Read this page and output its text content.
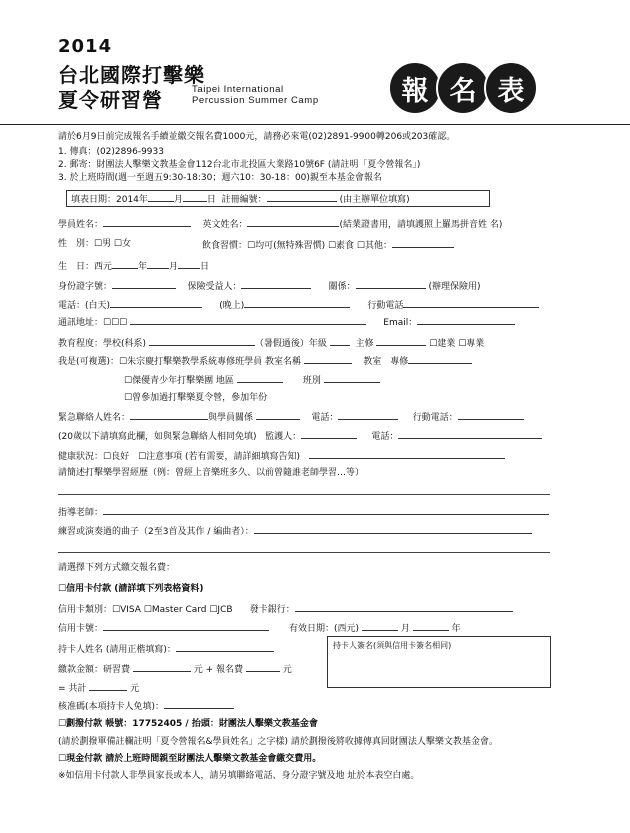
2014
台北國際打擊樂
夏令研習營	Taipei International
Percussion Summer Camp	報 名 表
請於6月9日前完成報名手續並繳交報名費1000元，請務必來電(02)2891-9900轉206或203確認。
1. 傳真：(02)2896-9933
2. 郵寄：財團法人擊樂文教基金會112台北市北投區大業路10號6F (請註明「夏令營報名」)
3. 於上班時間(週一至週五9:30-18:30；週六10：30-18：00)親至本基金會報名
填表日期：2014年	月	日 註冊編號：	(由主辦單位填寫)
學員姓名：	英文姓名：	(結業證書用，請填護照上羅馬拼音姓 名)
性　別：☐男 ☐女	飲食習慣：☐均可(無特殊習慣) ☐素食 ☐其他：
生　日：西元	年 月 日
身份證字號：	保險受益人：	關係：	(辦理保險用)
電話：(白天)	(晚上)	行動電話
通訊地址：☐☐☐	Email：
教育程度：學校(科系)	（暑假過後）年級	主修	☐建業 ☐專業
我是(可複選)：☐朱宗慶打擊樂教學系統專修班學員 教室名稱	教室　專修
☐傑優青少年打擊樂團 地區	班別
☐曾參加過打擊樂夏令營，參加年份
緊急聯絡人姓名：	與學員關係	電話：	行動電話：
(20歲以下請填寫此欄，如與緊急聯絡人相同免填) 監護人：	電話：
健康狀況：☐良好　☐注意事項 (若有需要，請詳細填寫告知)
請簡述打擊樂學習經歷（例：曾經上音樂班多久、以前曾隨誰老師學習…等）
指導老師：
練習或演奏過的曲子（2至3首及其作 / 編曲者）：
請選擇下列方式繳交報名費：
☐信用卡付款 (請詳填下列表格資料)
信用卡類別：☐VISA ☐Master Card ☐JCB 發卡銀行：
信用卡號：	有效日期：(西元)	月	年
持卡人姓名 (請用正楷填寫)：	持卡人簽名(須與信用卡簽名相同)
繳款金額：研習費	元 + 報名費	元
= 共計	元
核准碼(本項持卡人免填)：
☐劃撥付款 帳號：17752405 / 抬頭：財團法人擊樂文教基金會
(請於劃撥單備註欄註明「夏令營報名&學員姓名」之字樣) 請於劃撥後將收據傳真回財團法人擊樂文教基金會。
☐現金付款 請於上班時間親至財團法人擊樂文教基金會繳交費用。
※如信用卡付款人非學員家長或本人，請另填聯絡電話、身分證字號及地 址於本表空白處。
